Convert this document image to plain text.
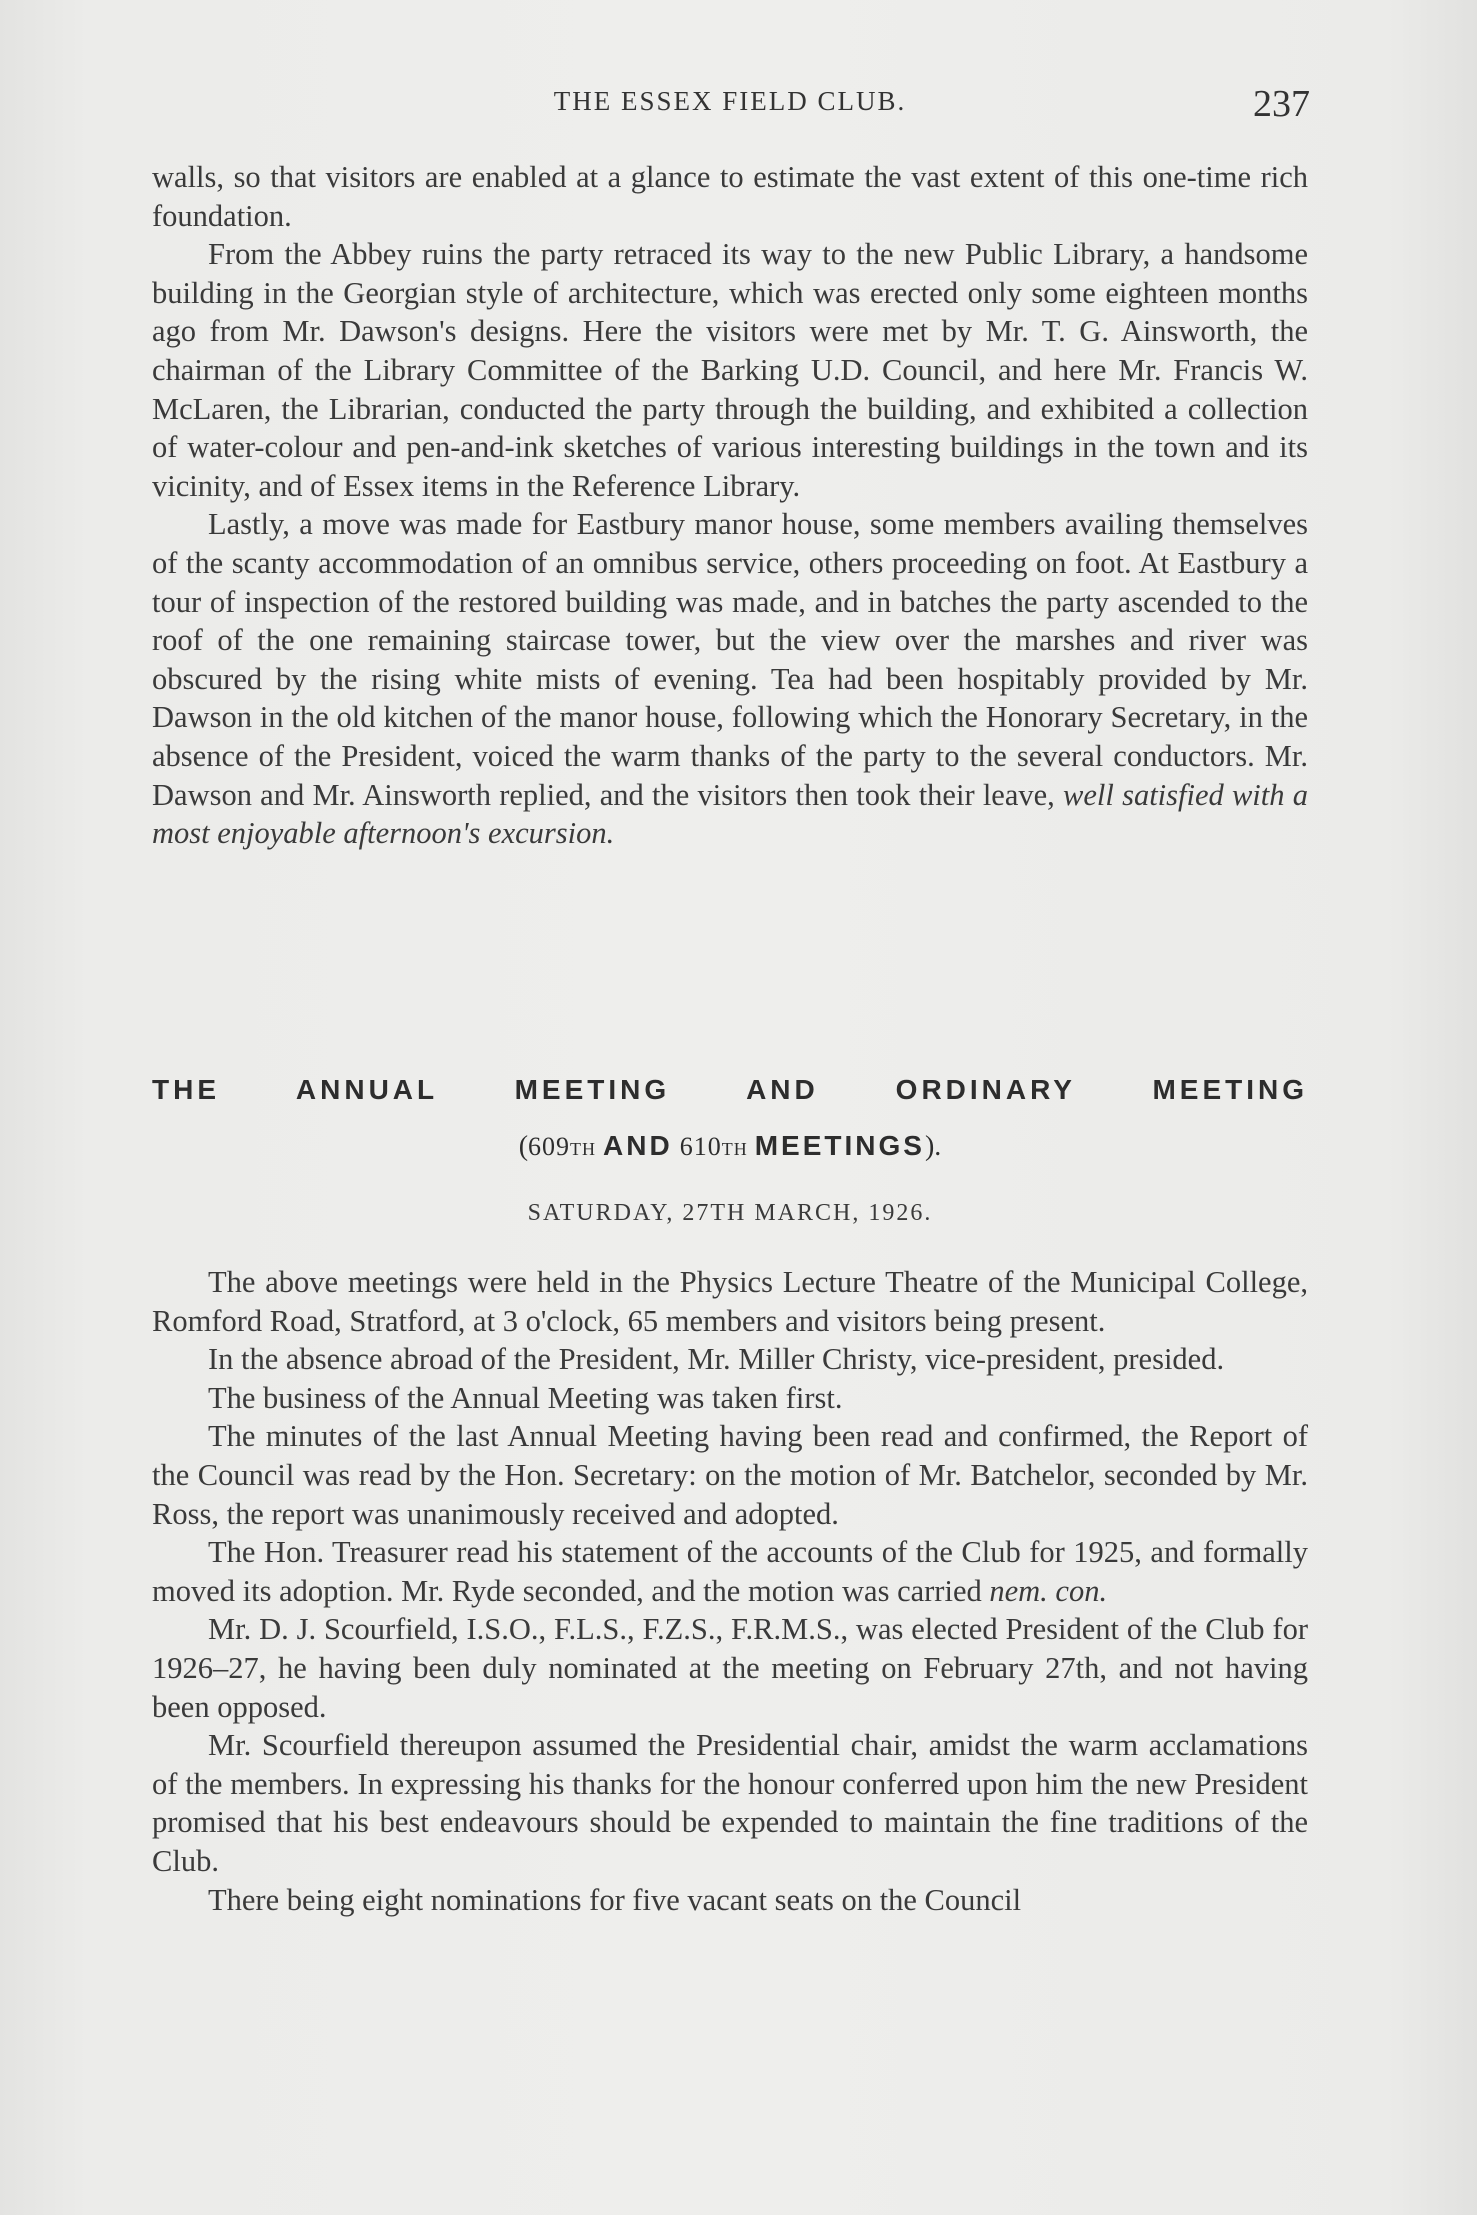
THE ESSEX FIELD CLUB.	237

walls, so that visitors are enabled at a glance to estimate the vast extent of this one-time rich foundation.

From the Abbey ruins the party retraced its way to the new Public Library, a handsome building in the Georgian style of architecture, which was erected only some eighteen months ago from Mr. Dawson's designs. Here the visitors were met by Mr. T. G. Ainsworth, the chairman of the Library Committee of the Barking U.D. Council, and here Mr. Francis W. McLaren, the Librarian, conducted the party through the building, and exhibited a collection of water-colour and pen-and-ink sketches of various interesting buildings in the town and its vicinity, and of Essex items in the Reference Library.

Lastly, a move was made for Eastbury manor house, some members availing themselves of the scanty accommodation of an omnibus service, others proceeding on foot. At Eastbury a tour of inspection of the restored building was made, and in batches the party ascended to the roof of the one remaining staircase tower, but the view over the marshes and river was obscured by the rising white mists of evening. Tea had been hospitably provided by Mr. Dawson in the old kitchen of the manor house, following which the Honorary Secretary, in the absence of the President, voiced the warm thanks of the party to the several conductors. Mr. Dawson and Mr. Ainsworth replied, and the visitors then took their leave, well satisfied with a most enjoyable afternoon's excursion.

THE ANNUAL MEETING AND ORDINARY MEETING
(609th AND 610th MEETINGS).
SATURDAY, 27TH MARCH, 1926.

The above meetings were held in the Physics Lecture Theatre of the Municipal College, Romford Road, Stratford, at 3 o'clock, 65 members and visitors being present.

In the absence abroad of the President, Mr. Miller Christy, vice-president, presided.

The business of the Annual Meeting was taken first.

The minutes of the last Annual Meeting having been read and confirmed, the Report of the Council was read by the Hon. Secretary: on the motion of Mr. Batchelor, seconded by Mr. Ross, the report was unanimously received and adopted.

The Hon. Treasurer read his statement of the accounts of the Club for 1925, and formally moved its adoption. Mr. Ryde seconded, and the motion was carried nem. con.

Mr. D. J. Scourfield, I.S.O., F.L.S., F.Z.S., F.R.M.S., was elected President of the Club for 1926–27, he having been duly nominated at the meeting on February 27th, and not having been opposed.

Mr. Scourfield thereupon assumed the Presidential chair, amidst the warm acclamations of the members. In expressing his thanks for the honour conferred upon him the new President promised that his best endeavours should be expended to maintain the fine traditions of the Club.

There being eight nominations for five vacant seats on the Council
